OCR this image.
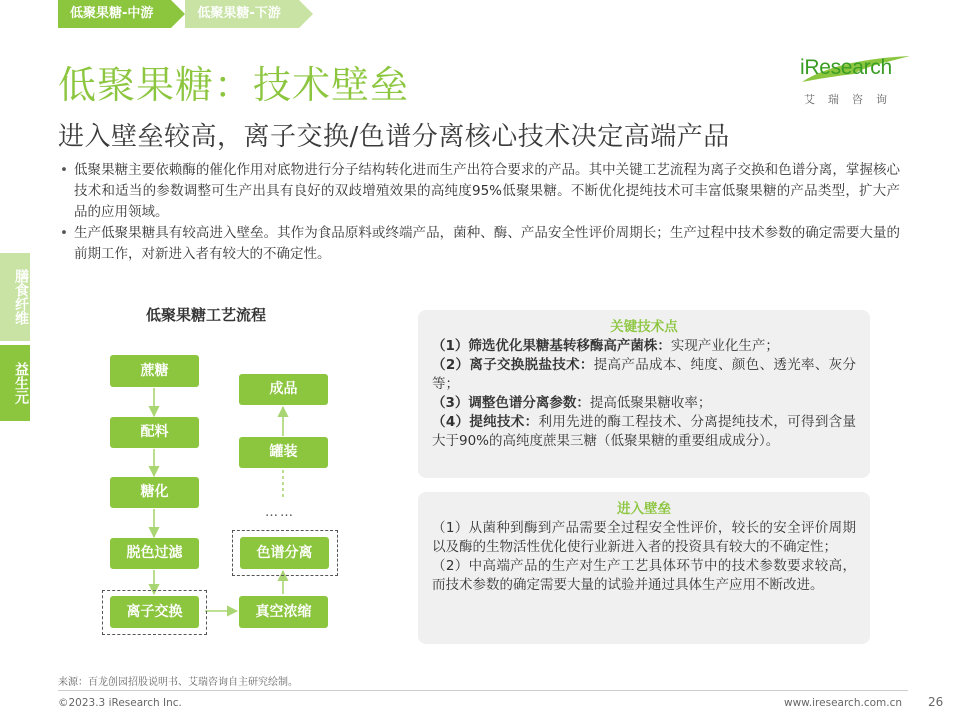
低聚果糖-中游	低聚果糖-下游
iResearch
艾瑞咨询
低聚果糖：技术壁垒
进入壁垒较高，离子交换/色谱分离核心技术决定高端产品
• 低聚果糖主要依赖酶的催化作用对底物进行分子结构转化进而生产出符合要求的产品。其中关键工艺流程为离子交换和色谱分离，掌握核心技术和适当的参数调整可生产出具有良好的双歧增殖效果的高纯度95%低聚果糖。不断优化提纯技术可丰富低聚果糖的产品类型，扩大产品的应用领域。
• 生产低聚果糖具有较高进入壁垒。其作为食品原料或终端产品，菌种、酶、产品安全性评价周期长；生产过程中技术参数的确定需要大量的前期工作，对新进入者有较大的不确定性。
膳食纤维
益生元
低聚果糖工艺流程
蔗糖
配料
糖化
脱色过滤
离子交换	真空浓缩
色谱分离
……
罐装
成品
关键技术点

（1）筛选优化果糖基转移酶高产菌株：实现产业化生产；

（2）离子交换脱盐技术：提高产品成本、纯度、颜色、透光率、灰分等；

（3）调整色谱分离参数：提高低聚果糖收率；

（4）提纯技术：利用先进的酶工程技术、分离提纯技术，可得到含量大于90%的高纯度蔗果三糖（低聚果糖的重要组成成分）。

进入壁垒

（1）从菌种到酶到产品需要全过程安全性评价，较长的安全评价周期以及酶的生物活性优化使行业新进入者的投资具有较大的不确定性；

（2）中高端产品的生产对生产工艺具体环节中的技术参数要求较高，而技术参数的确定需要大量的试验并通过具体生产应用不断改进。

来源：百龙创园招股说明书、艾瑞咨询自主研究绘制。
©2023.3 iResearch Inc.	www.iresearch.com.cn 26
